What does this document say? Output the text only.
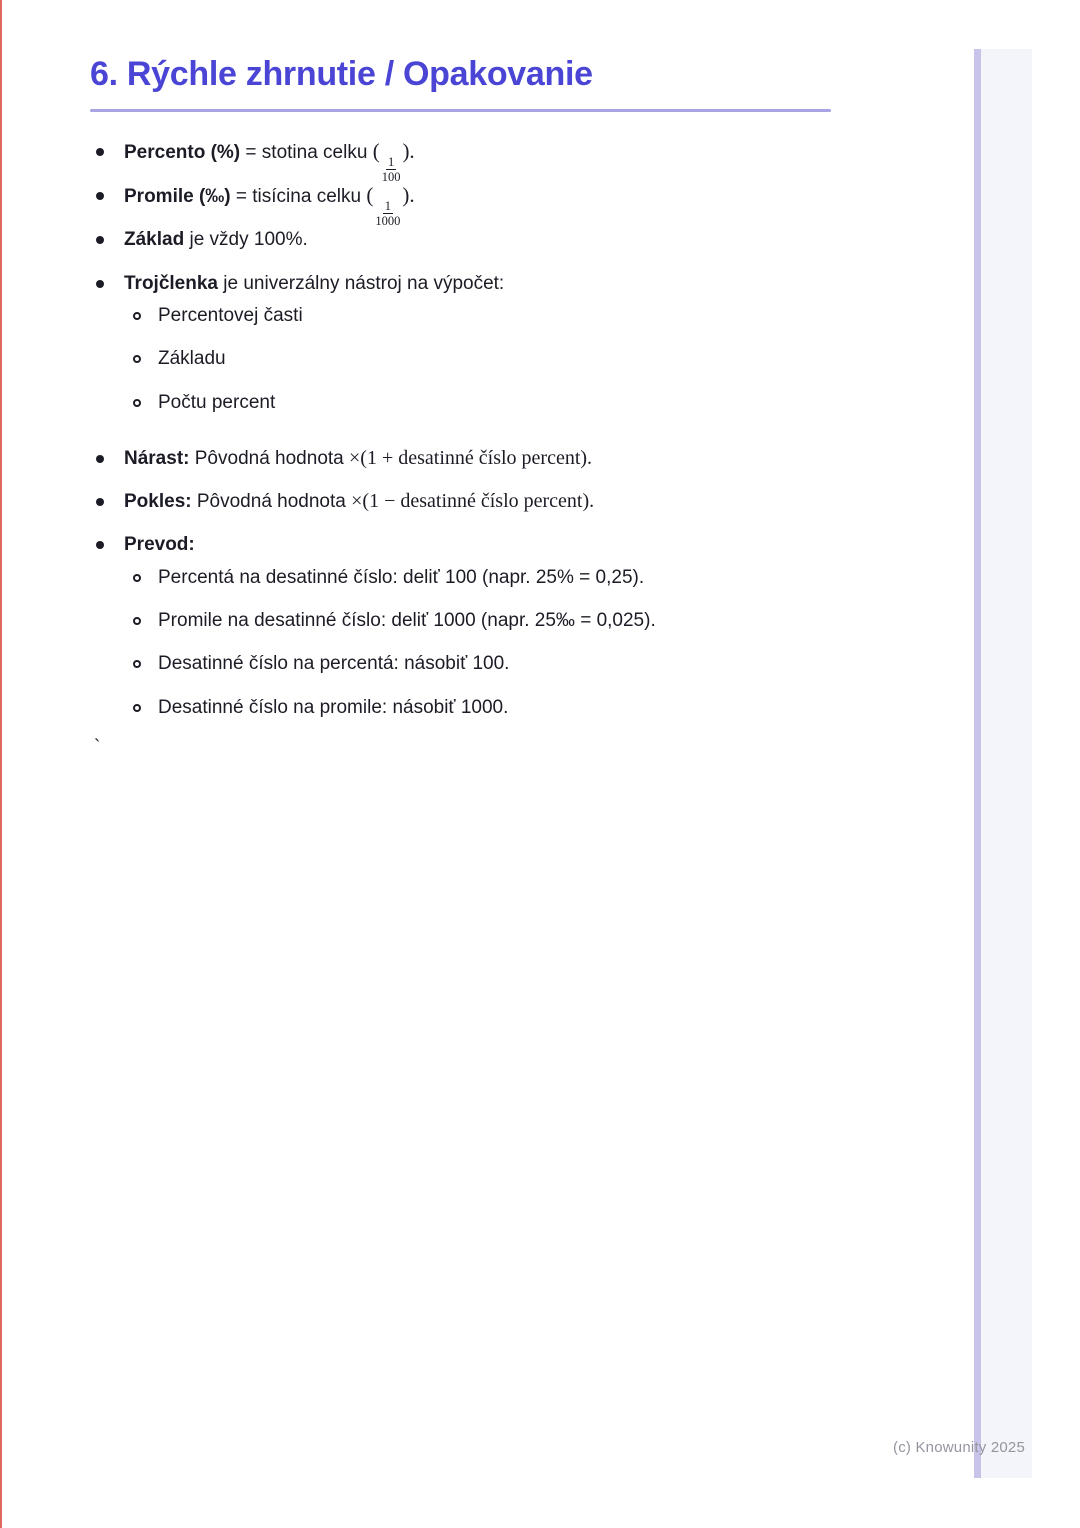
6. Rýchle zhrnutie / Opakovanie
Percento (%) = stotina celku (
$\frac{1}{100}$
).
Promile (‰) = tisícina celku (
$\frac{1}{1000}$
).
Základ je vždy 100%.
Trojčlenka je univerzálny nástroj na výpočet:
Percentovej časti
Základu
Počtu percent
Nárast: Pôvodná hodnota ×(1 + desatinné číslo percent).
Pokles: Pôvodná hodnota ×(1 − desatinné číslo percent).
Prevod:
Percentá na desatinné číslo: deliť 100 (napr. 25% = 0,25).
Promile na desatinné číslo: deliť 1000 (napr. 25‰ = 0,025).
Desatinné číslo na percentá: násobiť 100.
Desatinné číslo na promile: násobiť 1000.
`
(c) Knowunity 2025
